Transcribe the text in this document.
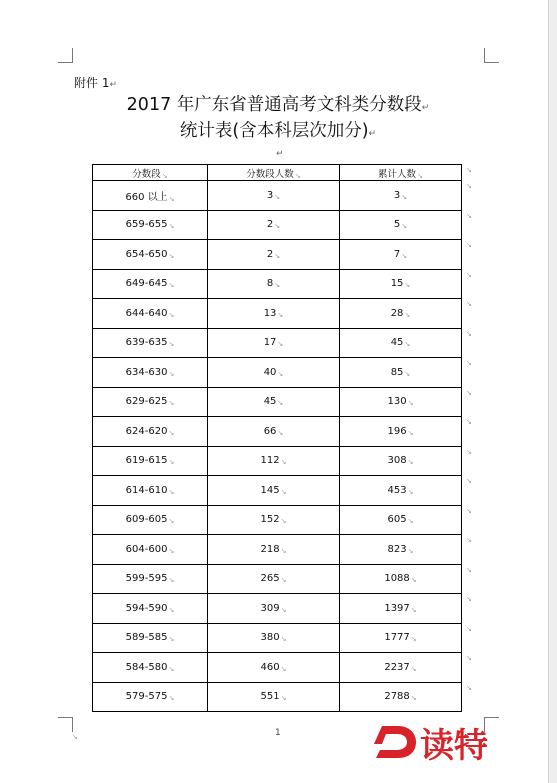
附件 1↵
2017 年广东省普通高考文科类分数段↵
统计表(含本科层次加分)↵
↵
分数段↘	分数段人数↘	累计人数↘
660 以上↘	3↘	3↘
659-655↘	2↘	5↘
654-650↘	2↘	7↘
649-645↘	8↘	15↘
644-640↘	13↘	28↘
639-635↘	17↘	45↘
634-630↘	40↘	85↘
629-625↘	45↘	130↘
624-620↘	66↘	196↘
619-615↘	112↘	308↘
614-610↘	145↘	453↘
609-605↘	152↘	605↘
604-600↘	218↘	823↘
599-595↘	265↘	1088↘
594-590↘	309↘	1397↘
589-585↘	380↘	1777↘
584-580↘	460↘	2237↘
579-575↘	551↘	2788↘
↘
↘
↘
↘
↘
↘
↘
↘
↘
↘
↘
↘
↘
↘
↘
↘
↘
↘
↘
↘	1	读特
